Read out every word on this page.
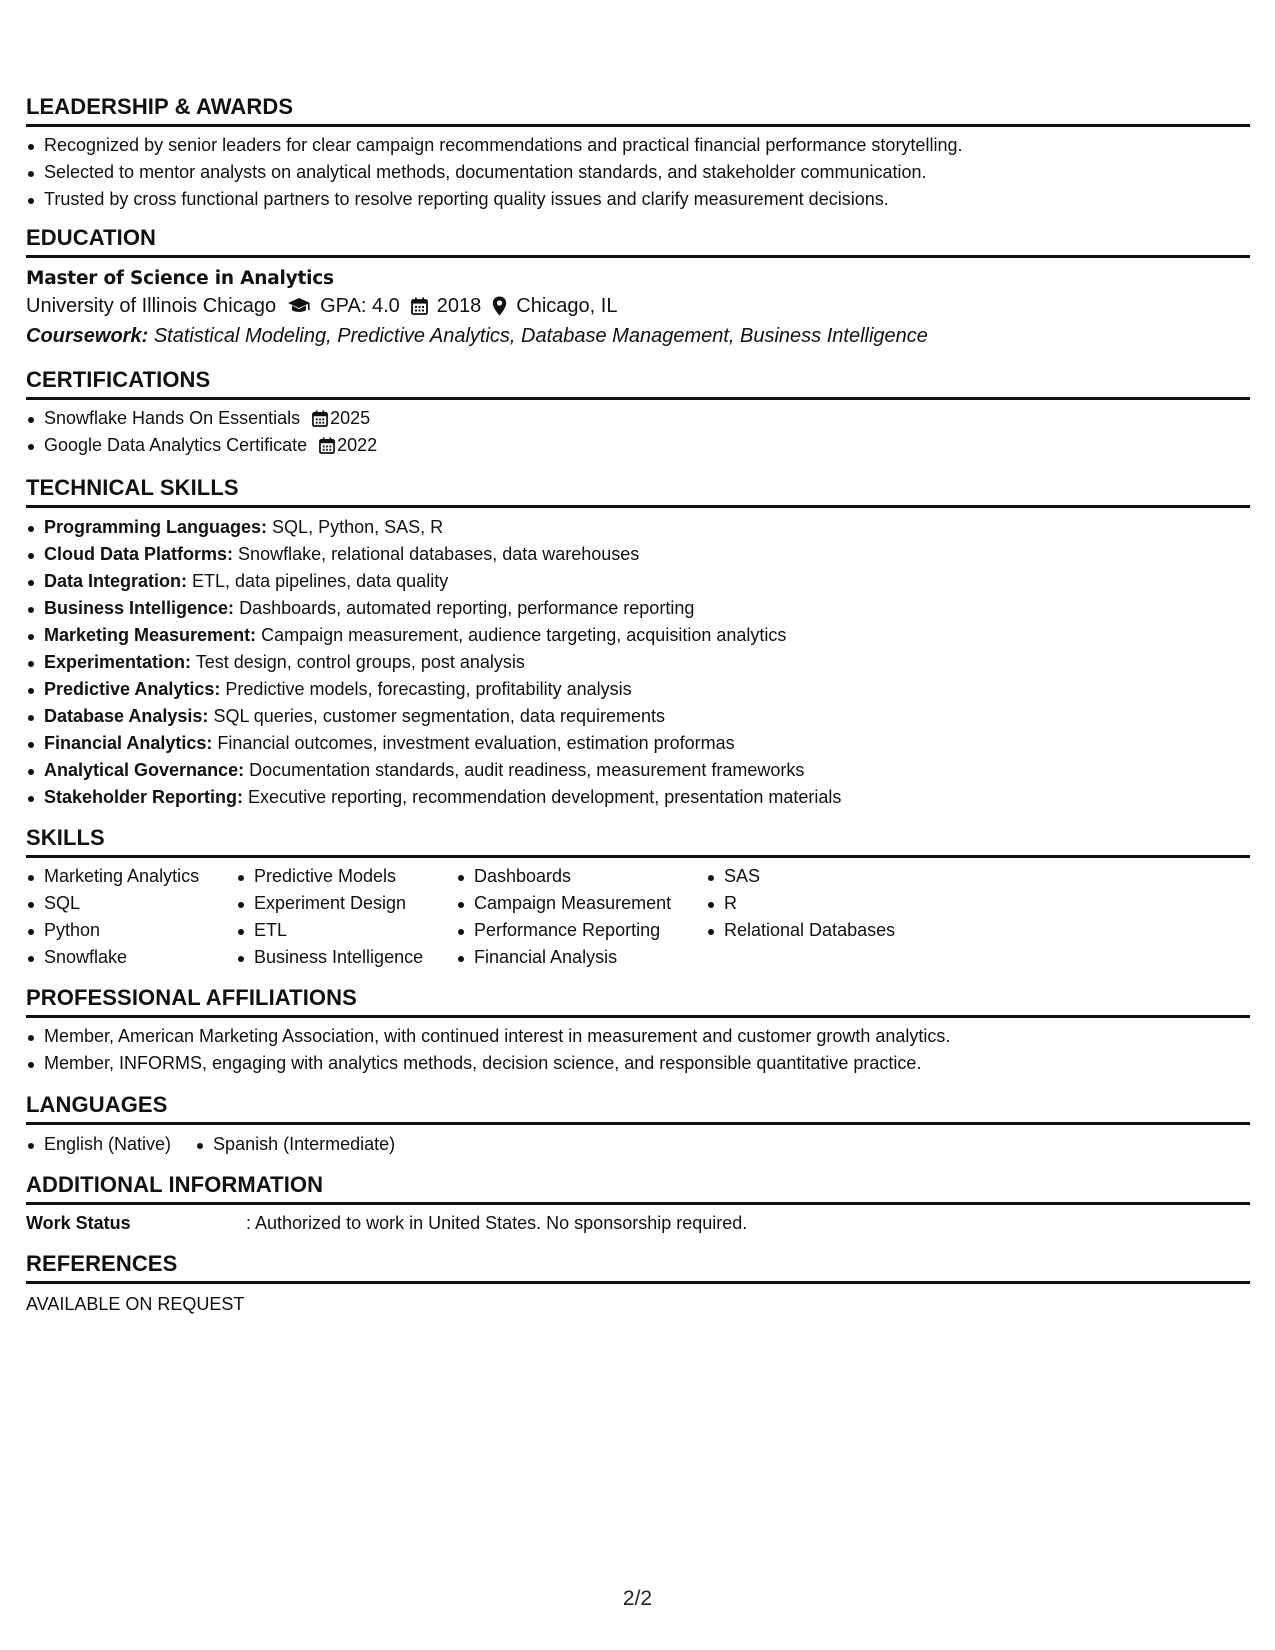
LEADERSHIP & AWARDS
Recognized by senior leaders for clear campaign recommendations and practical financial performance storytelling.
Selected to mentor analysts on analytical methods, documentation standards, and stakeholder communication.
Trusted by cross functional partners to resolve reporting quality issues and clarify measurement decisions.
EDUCATION
Master of Science in Analytics
University of Illinois Chicago GPA: 4.0 2018 Chicago, IL
Coursework: Statistical Modeling, Predictive Analytics, Database Management, Business Intelligence
CERTIFICATIONS
Snowflake Hands On Essentials 2025
Google Data Analytics Certificate 2022
TECHNICAL SKILLS
Programming Languages: SQL, Python, SAS, R
Cloud Data Platforms: Snowflake, relational databases, data warehouses
Data Integration: ETL, data pipelines, data quality
Business Intelligence: Dashboards, automated reporting, performance reporting
Marketing Measurement: Campaign measurement, audience targeting, acquisition analytics
Experimentation: Test design, control groups, post analysis
Predictive Analytics: Predictive models, forecasting, profitability analysis
Database Analysis: SQL queries, customer segmentation, data requirements
Financial Analytics: Financial outcomes, investment evaluation, estimation proformas
Analytical Governance: Documentation standards, audit readiness, measurement frameworks
Stakeholder Reporting: Executive reporting, recommendation development, presentation materials
SKILLS
Marketing Analytics
SQL
Python
Snowflake
Predictive Models
Experiment Design
ETL
Business Intelligence
Dashboards
Campaign Measurement
Performance Reporting
Financial Analysis
SAS
R
Relational Databases
PROFESSIONAL AFFILIATIONS
Member, American Marketing Association, with continued interest in measurement and customer growth analytics.
Member, INFORMS, engaging with analytics methods, decision science, and responsible quantitative practice.
LANGUAGES
English (Native)	Spanish (Intermediate)
ADDITIONAL INFORMATION
Work Status	: Authorized to work in United States. No sponsorship required.
REFERENCES
AVAILABLE ON REQUEST
2/2
